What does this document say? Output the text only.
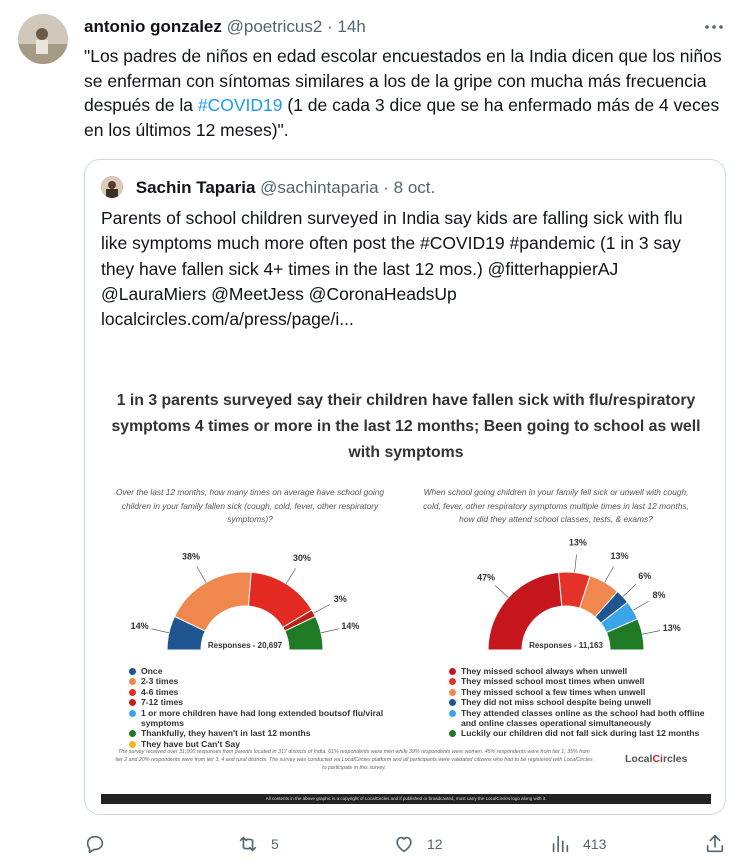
antonio gonzalez @poetricus2 · 14h
"Los padres de niños en edad escolar encuestados en la India dicen que los niños se enferman con síntomas similares a los de la gripe con mucha más frecuencia después de la #COVID19 (1 de cada 3 dice que se ha enfermado más de 4 veces en los últimos 12 meses)".
Sachin Taparia @sachintaparia · 8 oct.
Parents of school children surveyed in India say kids are falling sick with flu like symptoms much more often post the #COVID19 #pandemic (1 in 3 say they have fallen sick 4+ times in the last 12 mos.) @fitterhappierAJ @LauraMiers @MeetJess @CoronaHeadsUp localcircles.com/a/press/page/i...
1 in 3 parents surveyed say their children have fallen sick with flu/respiratory symptoms 4 times or more in the last 12 months; Been going to school as well with symptoms
Over the last 12 months, how many times on average have school going children in your family fallen sick (cough, cold, fever, other respiratory symptoms)?
When school going children in your family fell sick or unwell with cough, cold, fever, other respiratory symptoms multiple times in last 12 months, how did they attend school classes, tests, & exams?
14%
38%	30%
3%
14%
Responses - 20,697
47%
13%
13%
6%
8%
13%
Responses - 11,163
Once
2-3 times
4-6 times
7-12 times
1 or more children have had long extended boutsof flu/viral symptoms
Thankfully, they haven't in last 12 months
They have but Can't Say
They missed school always when unwell
They missed school most times when unwell
They missed school a few times when unwell
They did not miss school despite being unwell
They attended classes online as the school had both offline and online classes operational simultaneously
Luckily our children did not fall sick during last 12 months
The survey received over 31,000 responses from parents located in 317 districts of India. 61% respondents were men while 39% respondents were women. 45% respondents were from tier 1, 35% from tier 2 and 20% respondents were from tier 3, 4 and rural districts. The survey was conducted via LocalCircles platform and all participants were validated citizens who had to be registered with LocalCircles to participate in this survey.
LocalCircles
All contents in the above graphic is a copyright of LocalCircles and if published or broadcasted, must carry the LocalCircles logo along with it.
5	12	413
